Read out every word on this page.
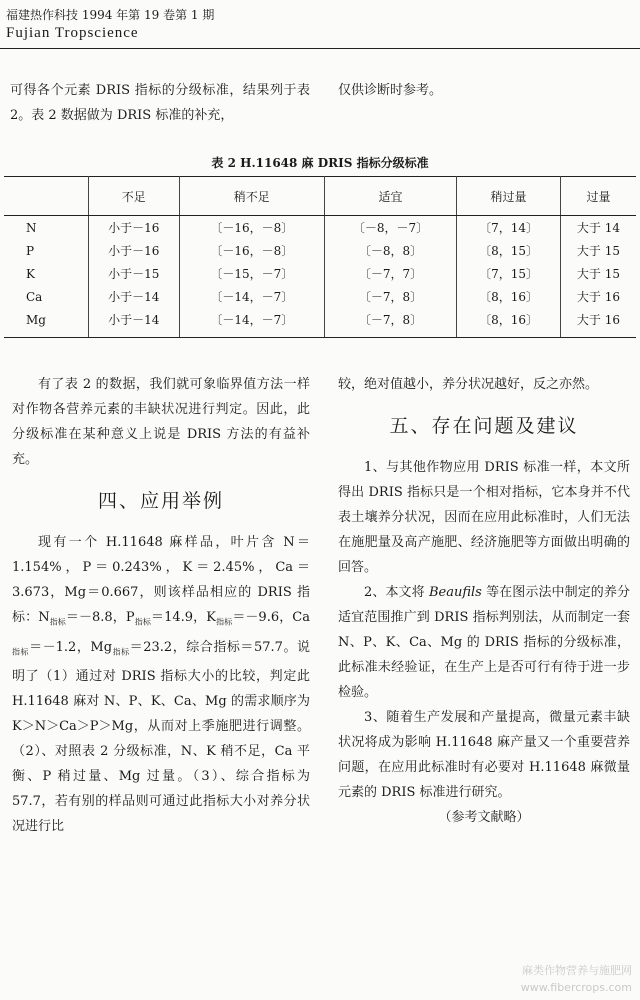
福建热作科技 1994 年第 19 卷第 1 期
Fujian Tropscience

可得各个元素 DRIS 指标的分级标准，结果列于表 2。表 2 数据做为 DRIS 标准的补充，

仅供诊断时参考。

表 2 H.11648 麻 DRIS 指标分级标准
	不足	稍不足	适宜	稍过量	过量
N	小于－16	〔－16，－8〕	〔－8，－7〕	〔7，14〕	大于 14
P	小于－16	〔－16，－8〕	〔－8，8〕	〔8，15〕	大于 15
K	小于－15	〔－15，－7〕	〔－7，7〕	〔7，15〕	大于 15
Ca	小于－14	〔－14，－7〕	〔－7，8〕	〔8，16〕	大于 16
Mg	小于－14	〔－14，－7〕	〔－7，8〕	〔8，16〕	大于 16

有了表 2 的数据，我们就可象临界值方法一样对作物各营养元素的丰缺状况进行判定。因此，此分级标准在某种意义上说是 DRIS 方法的有益补充。

四、应用举例

现有一个 H.11648 麻样品，叶片含 N＝1.154%，P＝0.243%，K＝2.45%，Ca＝3.673，Mg＝0.667，则该样品相应的 DRIS 指标：$N_{指标}=-8.8$，$P_{指标}=14.9$，$K_{指标}=-9.6$，$Ca_{指标}=-1.2$，$Mg_{指标}=23.2$，综合指标＝57.7。说明了（1）通过对 DRIS 指标大小的比较，判定此 H.11648 麻对 N、P、K、Ca、Mg 的需求顺序为 K＞N＞Ca＞P＞Mg，从而对上季施肥进行调整。（2）、对照表 2 分级标准，N、K 稍不足，Ca 平衡、P 稍过量、Mg 过量。（3）、综合指标为 57.7，若有别的样品则可通过此指标大小对养分状况进行比

较，绝对值越小，养分状况越好，反之亦然。

五、存在问题及建议

1、与其他作物应用 DRIS 标准一样，本文所得出 DRIS 指标只是一个相对指标，它本身并不代表土壤养分状况，因而在应用此标准时，人们无法在施肥量及高产施肥、经济施肥等方面做出明确的回答。

2、本文将 Beaufils 等在图示法中制定的养分适宜范围推广到 DRIS 指标判别法，从而制定一套 N、P、K、Ca、Mg 的 DRIS 指标的分级标准，此标准未经验证，在生产上是否可行有待于进一步检验。

3、随着生产发展和产量提高，微量元素丰缺状况将成为影响 H.11648 麻产量又一个重要营养问题，在应用此标准时有必要对 H.11648 麻微量元素的 DRIS 标准进行研究。

（参考文献略）

麻类作物营养与施肥网
www.fibercrops.com
